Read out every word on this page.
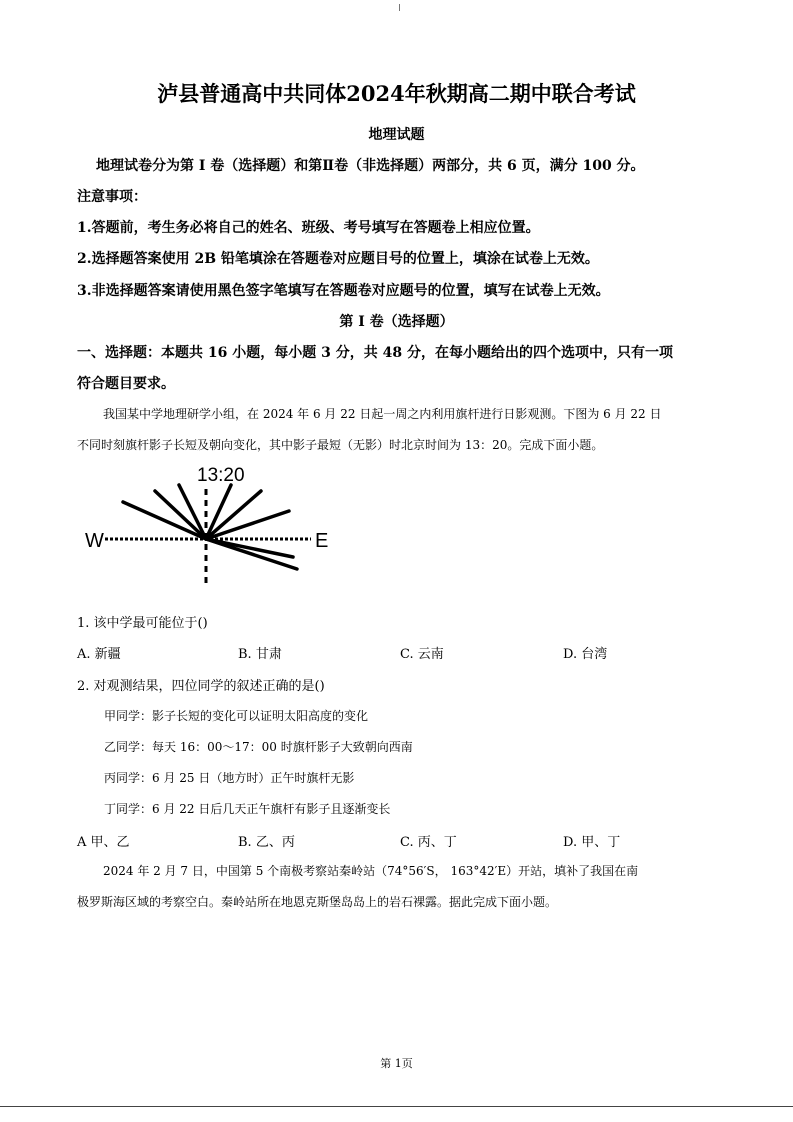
泸县普通高中共同体2024年秋期高二期中联合考试
地理试题
地理试卷分为第 I 卷（选择题）和第Ⅱ卷（非选择题）两部分，共 6 页，满分 100 分。
注意事项：
1.答题前，考生务必将自己的姓名、班级、考号填写在答题卷上相应位置。
2.选择题答案使用 2B 铅笔填涂在答题卷对应题目号的位置上，填涂在试卷上无效。
3.非选择题答案请使用黑色签字笔填写在答题卷对应题号的位置，填写在试卷上无效。
第 I 卷（选择题）
一、选择题：本题共 16 小题，每小题 3 分，共 48 分，在每小题给出的四个选项中，只有一项
符合题目要求。
我国某中学地理研学小组，在 2024 年 6 月 22 日起一周之内利用旗杆进行日影观测。下图为 6 月 22 日
不同时刻旗杆影子长短及朝向变化，其中影子最短（无影）时北京时间为 13：20。完成下面小题。
13:20
W	E
1. 该中学最可能位于()
A. 新疆	B. 甘肃	C. 云南	D. 台湾
2. 对观测结果，四位同学的叙述正确的是()
甲同学：影子长短的变化可以证明太阳高度的变化
乙同学：每天 16：00～17：00 时旗杆影子大致朝向西南
丙同学：6 月 25 日（地方时）正午时旗杆无影
丁同学：6 月 22 日后几天正午旗杆有影子且逐渐变长
A 甲、乙	B. 乙、丙	C. 丙、丁	D. 甲、丁
2024 年 2 月 7 日，中国第 5 个南极考察站秦岭站（74°56′S， 163°42′E）开站，填补了我国在南
极罗斯海区域的考察空白。秦岭站所在地恩克斯堡岛岛上的岩石裸露。据此完成下面小题。
第 1页
